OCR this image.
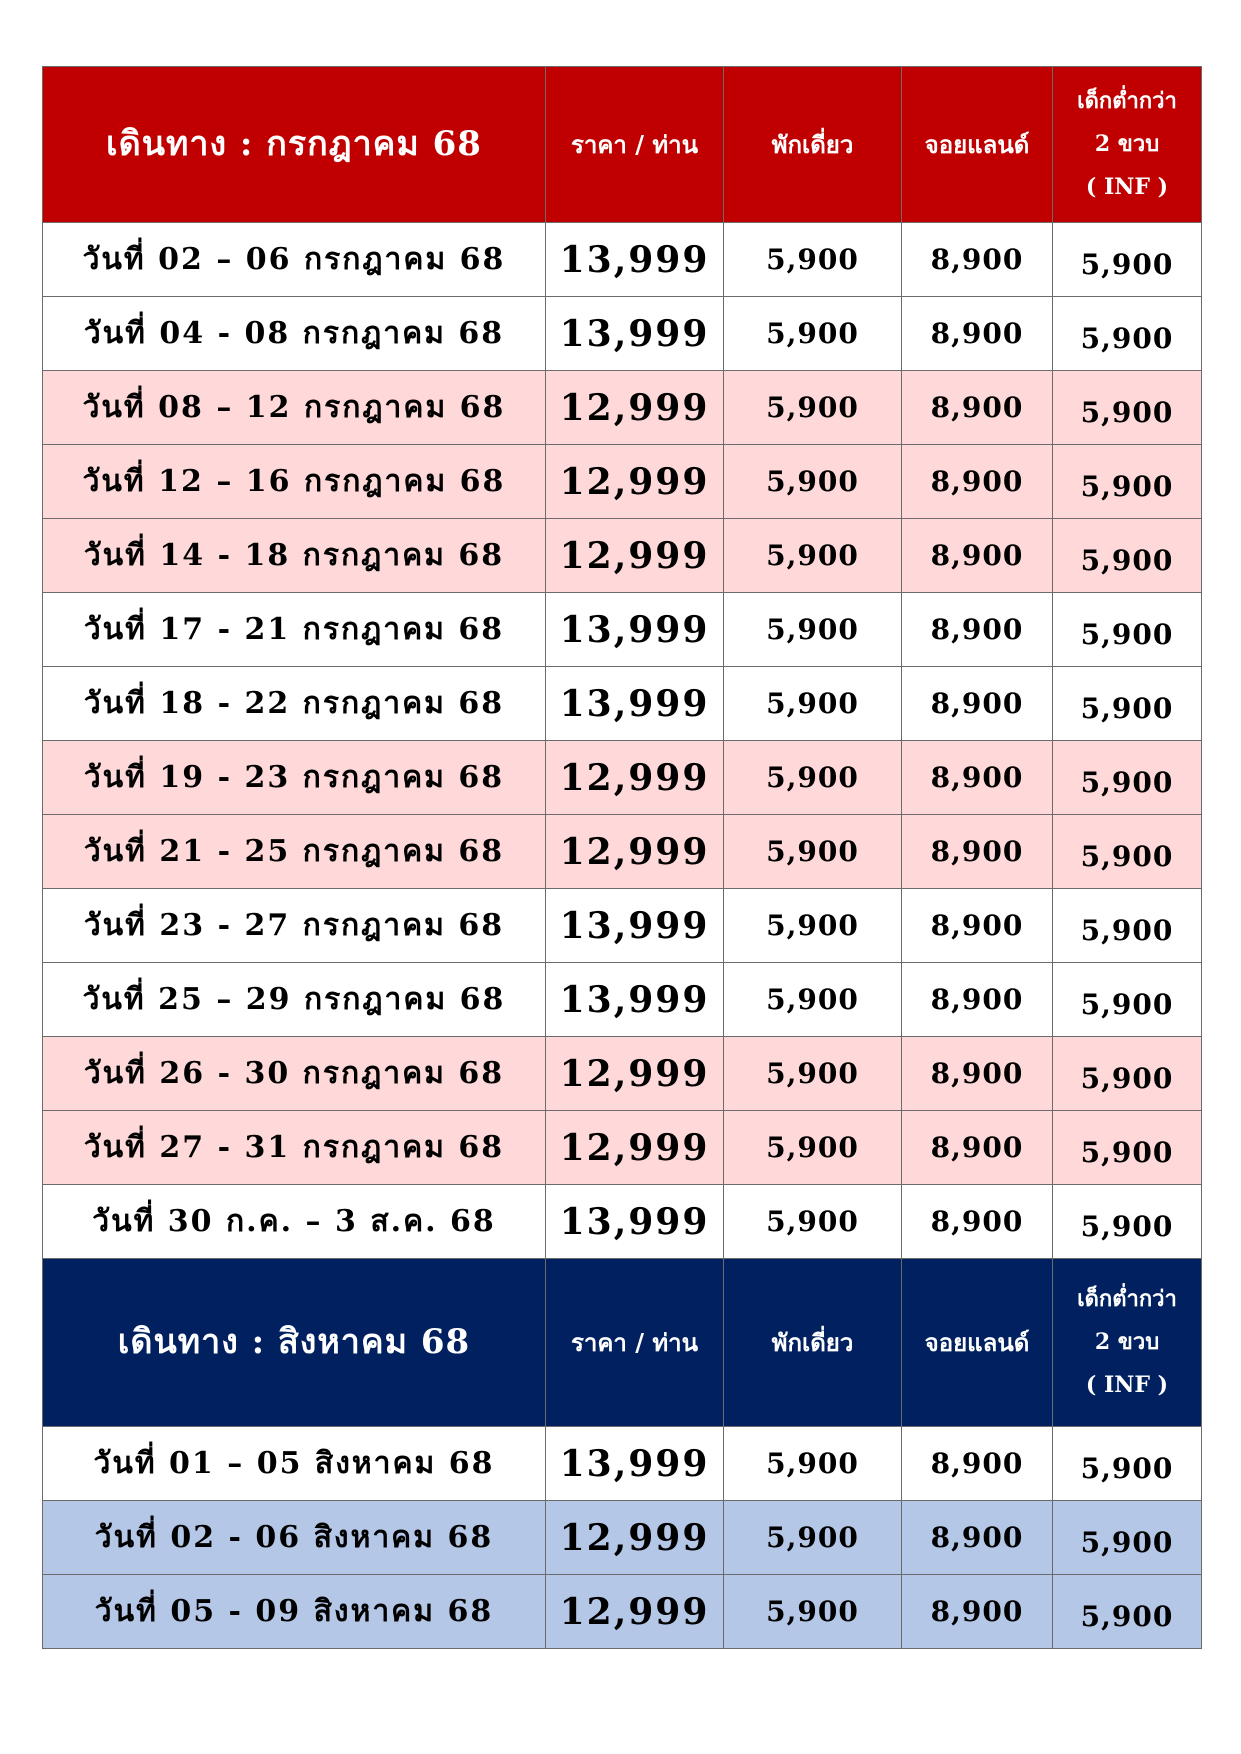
เดินทาง : กรกฎาคม 68	ราคา / ท่าน	พักเดี่ยว	จอยแลนด์	เด็กต่ำกว่า
2 ขวบ
( INF )

วันที่ 02 – 06 กรกฎาคม 68	13,999	5,900	8,900	5,900
วันที่ 04 - 08 กรกฎาคม 68	13,999	5,900	8,900	5,900
วันที่ 08 – 12 กรกฎาคม 68	12,999	5,900	8,900	5,900
วันที่ 12 – 16 กรกฎาคม 68	12,999	5,900	8,900	5,900
วันที่ 14 - 18 กรกฎาคม 68	12,999	5,900	8,900	5,900
วันที่ 17 - 21 กรกฎาคม 68	13,999	5,900	8,900	5,900
วันที่ 18 - 22 กรกฎาคม 68	13,999	5,900	8,900	5,900
วันที่ 19 - 23 กรกฎาคม 68	12,999	5,900	8,900	5,900
วันที่ 21 - 25 กรกฎาคม 68	12,999	5,900	8,900	5,900
วันที่ 23 - 27 กรกฎาคม 68	13,999	5,900	8,900	5,900
วันที่ 25 – 29 กรกฎาคม 68	13,999	5,900	8,900	5,900
วันที่ 26 - 30 กรกฎาคม 68	12,999	5,900	8,900	5,900
วันที่ 27 - 31 กรกฎาคม 68	12,999	5,900	8,900	5,900
วันที่ 30 ก.ค. – 3 ส.ค. 68	13,999	5,900	8,900	5,900
เดินทาง : สิงหาคม 68	ราคา / ท่าน	พักเดี่ยว	จอยแลนด์	เด็กต่ำกว่า
2 ขวบ
( INF )

วันที่ 01 – 05 สิงหาคม 68	13,999	5,900	8,900	5,900
วันที่ 02 - 06 สิงหาคม 68	12,999	5,900	8,900	5,900
วันที่ 05 - 09 สิงหาคม 68	12,999	5,900	8,900	5,900
